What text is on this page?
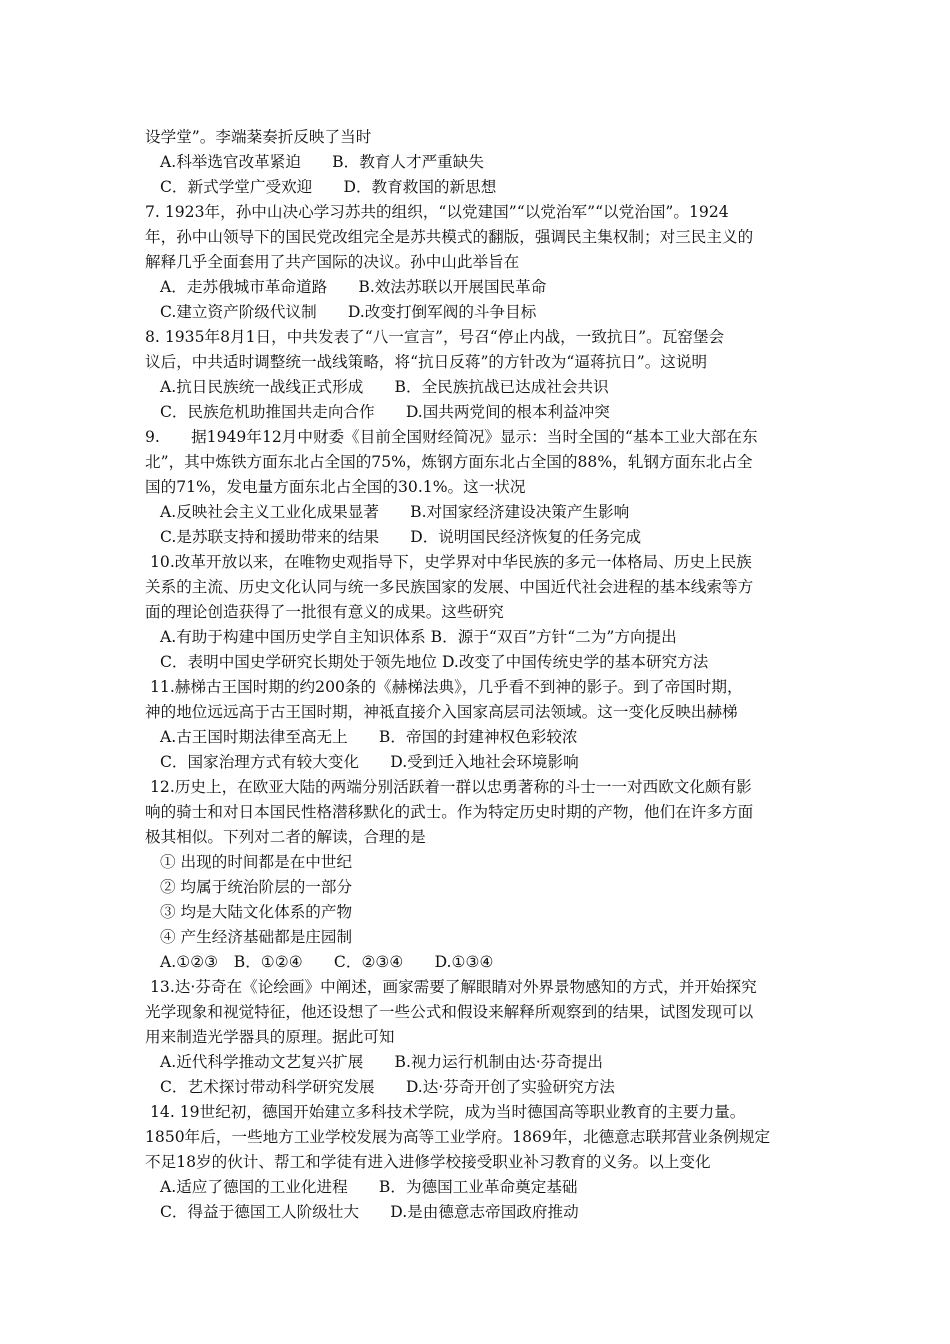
设学堂”。李端棻奏折反映了当时
A.科举选官改革紧迫　　B．教育人才严重缺失
C．新式学堂广受欢迎　　D．教育救国的新思想
7. 1923年，孙中山决心学习苏共的组织，“以党建国”“以党治军”“以党治国”。1924
年，孙中山领导下的国民党改组完全是苏共模式的翻版，强调民主集权制；对三民主义的
解释几乎全面套用了共产国际的决议。孙中山此举旨在
A．走苏俄城市革命道路　　B.效法苏联以开展国民革命
C.建立资产阶级代议制　　D.改变打倒军阀的斗争目标
8. 1935年8月1日，中共发表了“八一宣言”，号召“停止内战，一致抗日”。瓦窑堡会
议后，中共适时调整统一战线策略，将“抗日反蒋”的方针改为“逼蒋抗日”。这说明
A.抗日民族统一战线正式形成　　B．全民族抗战已达成社会共识
C．民族危机助推国共走向合作　　D.国共两党间的根本利益冲突
9.　　据1949年12月中财委《目前全国财经简况》显示：当时全国的“基本工业大部在东
北”，其中炼铁方面东北占全国的75%，炼钢方面东北占全国的88%，轧钢方面东北占全
国的71%，发电量方面东北占全国的30.1%。这一状况
A.反映社会主义工业化成果显著　　B.对国家经济建设决策产生影响
C.是苏联支持和援助带来的结果　　D．说明国民经济恢复的任务完成
10.改革开放以来，在唯物史观指导下，史学界对中华民族的多元一体格局、历史上民族
关系的主流、历史文化认同与统一多民族国家的发展、中国近代社会进程的基本线索等方
面的理论创造获得了一批很有意义的成果。这些研究
A.有助于构建中国历史学自主知识体系 B．源于“双百”方针“二为”方向提出
C．表明中国史学研究长期处于领先地位 D.改变了中国传统史学的基本研究方法
11.赫梯古王国时期的约200条的《赫梯法典》，几乎看不到神的影子。到了帝国时期，
神的地位远远高于古王国时期，神祗直接介入国家高层司法领域。这一变化反映出赫梯
A.古王国时期法律至高无上　　B．帝国的封建神权色彩较浓
C．国家治理方式有较大变化　　D.受到迁入地社会环境影响
12.历史上，在欧亚大陆的两端分别活跃着一群以忠勇著称的斗士一一对西欧文化颇有影
响的骑士和对日本国民性格潜移默化的武士。作为特定历史时期的产物，他们在许多方面
极其相似。下列对二者的解读，合理的是
① 出现的时间都是在中世纪
② 均属于统治阶层的一部分
③ 均是大陆文化体系的产物
④ 产生经济基础都是庄园制
A.①②③　B．①②④　　C．②③④　　D.①③④
13.达·芬奇在《论绘画》中阐述，画家需要了解眼睛对外界景物感知的方式，并开始探究
光学现象和视觉特征，他还设想了一些公式和假设来解释所观察到的结果，试图发现可以
用来制造光学器具的原理。据此可知
A.近代科学推动文艺复兴扩展　　B.视力运行机制由达·芬奇提出
C．艺术探讨带动科学研究发展　　D.达·芬奇开创了实验研究方法
14. 19世纪初，德国开始建立多科技术学院，成为当时德国高等职业教育的主要力量。
1850年后，一些地方工业学校发展为高等工业学府。1869年，北德意志联邦营业条例规定
不足18岁的伙计、帮工和学徒有进入进修学校接受职业补习教育的义务。以上变化
A.适应了德国的工业化进程　　B．为德国工业革命奠定基础
C．得益于德国工人阶级壮大　　D.是由德意志帝国政府推动
